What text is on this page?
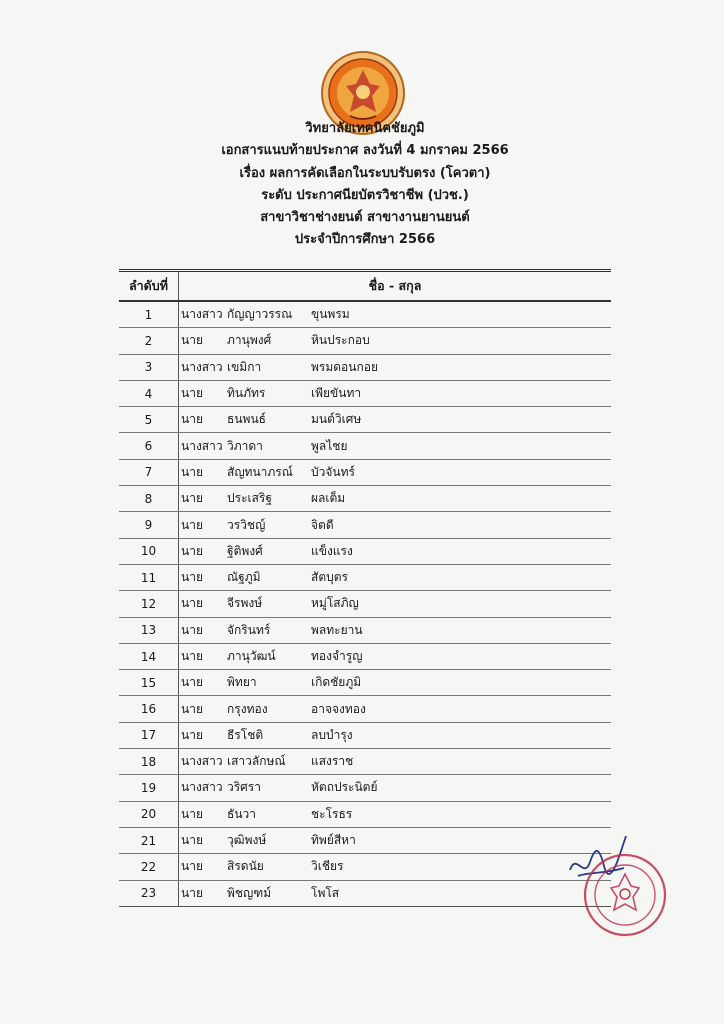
วิทยาลัยเทคนิคชัยภูมิ
เอกสารแนบท้ายประกาศ ลงวันที่ 4 มกราคม 2566
เรื่อง ผลการคัดเลือกในระบบรับตรง (โควตา)
ระดับ ประกาศนียบัตรวิชาชีพ (ปวช.)
สาขาวิชาช่างยนต์ สาขางานยานยนต์
ประจำปีการศึกษา 2566
ลำดับที่	ชื่อ - สกุล
1	นางสาว กัญญาวรรณ ขุนพรม
2	นาย ภานุพงศ์ หินประกอบ
3	นางสาว เขมิกา พรมดอนกอย
4	นาย ทินภัทร เพียขันทา
5	นาย ธนพนธ์ มนต์วิเศษ
6	นางสาว วิภาดา พูลไชย
7	นาย สัญทนาภรณ์ บัวจันทร์
8	นาย ประเสริฐ ผลเต็ม
9	นาย วรวิชญ์ จิตดี
10	นาย ฐิติพงศ์ แข็งแรง
11	นาย ณัฐภูมิ สัตบุตร
12	นาย จีรพงษ์ หมู่โสภิญ
13	นาย จักรินทร์ พลทะยาน
14	นาย ภานุวัฒน์ ทองจำรูญ
15	นาย พิทยา เกิดชัยภูมิ
16	นาย กรุงทอง อาจจงทอง
17	นาย ธีรโชติ ลบบำรุง
18	นางสาว เสาวลักษณ์ แสงราช
19	นางสาว วริศรา หัตถประนิตย์
20	นาย ธันวา ชะโรธร
21	นาย วุฒิพงษ์ ทิพย์สีหา
22	นาย สิรดนัย วิเชียร
23	นาย พิชญฑม์ โพโส
